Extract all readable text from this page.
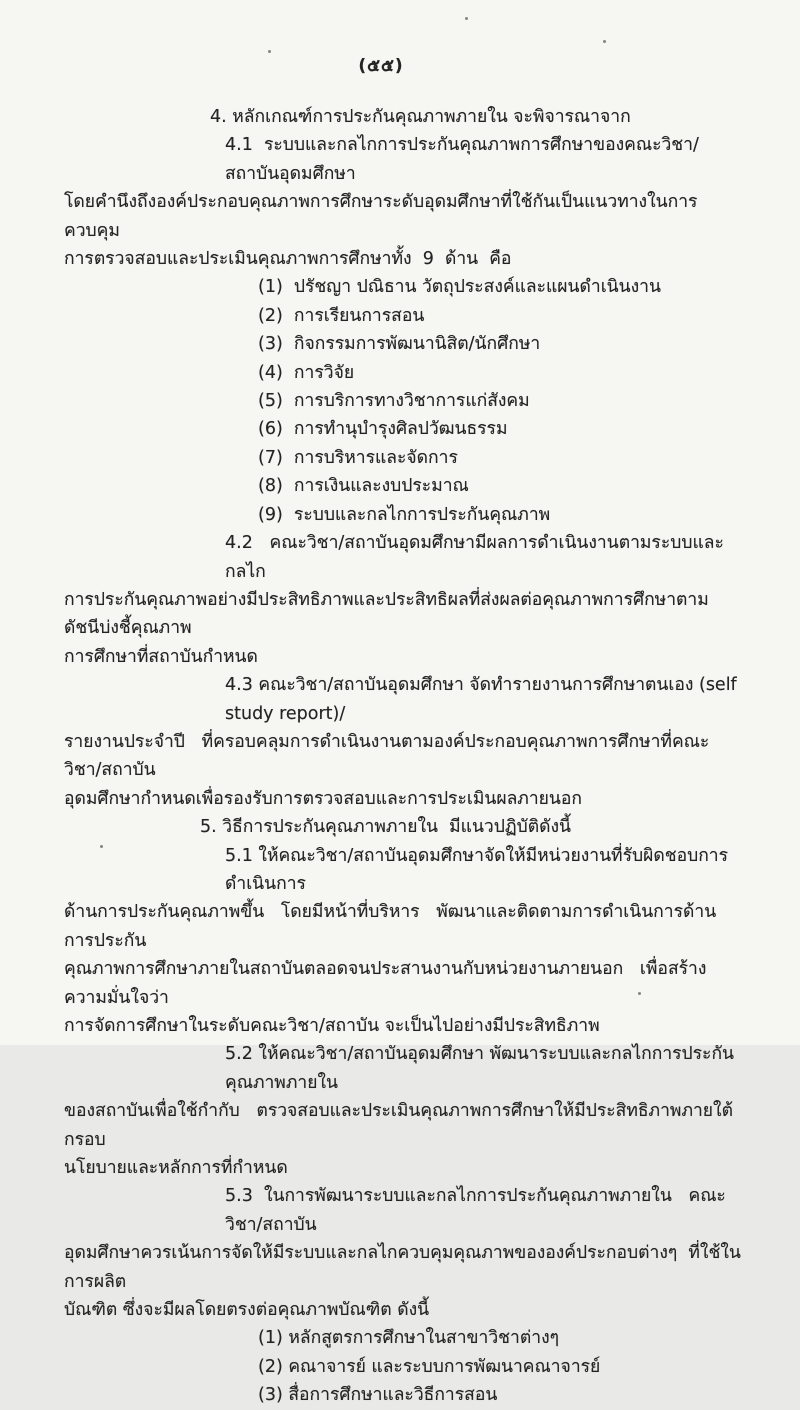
(๕๕)
4. หลักเกณฑ์การประกันคุณภาพภายใน จะพิจารณาจาก
4.1  ระบบและกลไกการประกันคุณภาพการศึกษาของคณะวิชา/สถาบันอุดมศึกษา
โดยคำนึงถึงองค์ประกอบคุณภาพการศึกษาระดับอุดมศึกษาที่ใช้กันเป็นแนวทางในการควบคุม
การตรวจสอบและประเมินคุณภาพการศึกษาทั้ง  9  ด้าน  คือ
(1)  ปรัชญา ปณิธาน วัตถุประสงค์และแผนดำเนินงาน
(2)  การเรียนการสอน
(3)  กิจกรรมการพัฒนานิสิต/นักศึกษา
(4)  การวิจัย
(5)  การบริการทางวิชาการแก่สังคม
(6)  การทำนุบำรุงศิลปวัฒนธรรม
(7)  การบริหารและจัดการ
(8)  การเงินและงบประมาณ
(9)  ระบบและกลไกการประกันคุณภาพ
4.2   คณะวิชา/สถาบันอุดมศึกษามีผลการดำเนินงานตามระบบและกลไก
การประกันคุณภาพอย่างมีประสิทธิภาพและประสิทธิผลที่ส่งผลต่อคุณภาพการศึกษาตามดัชนีบ่งชี้คุณภาพ
การศึกษาที่สถาบันกำหนด
4.3 คณะวิชา/สถาบันอุดมศึกษา จัดทำรายงานการศึกษาตนเอง (self study report)/
รายงานประจำปี   ที่ครอบคลุมการดำเนินงานตามองค์ประกอบคุณภาพการศึกษาที่คณะวิชา/สถาบัน
อุดมศึกษากำหนดเพื่อรองรับการตรวจสอบและการประเมินผลภายนอก
5. วิธีการประกันคุณภาพภายใน  มีแนวปฏิบัติดังนี้
5.1 ให้คณะวิชา/สถาบันอุดมศึกษาจัดให้มีหน่วยงานที่รับผิดชอบการดำเนินการ
ด้านการประกันคุณภาพขึ้น   โดยมีหน้าที่บริหาร   พัฒนาและติดตามการดำเนินการด้านการประกัน
คุณภาพการศึกษาภายในสถาบันตลอดจนประสานงานกับหน่วยงานภายนอก   เพื่อสร้างความมั่นใจว่า
การจัดการศึกษาในระดับคณะวิชา/สถาบัน จะเป็นไปอย่างมีประสิทธิภาพ
5.2 ให้คณะวิชา/สถาบันอุดมศึกษา พัฒนาระบบและกลไกการประกันคุณภาพภายใน
ของสถาบันเพื่อใช้กำกับ   ตรวจสอบและประเมินคุณภาพการศึกษาให้มีประสิทธิภาพภายใต้กรอบ
นโยบายและหลักการที่กำหนด
5.3  ในการพัฒนาระบบและกลไกการประกันคุณภาพภายใน   คณะวิชา/สถาบัน
อุดมศึกษาควรเน้นการจัดให้มีระบบและกลไกควบคุมคุณภาพขององค์ประกอบต่างๆ  ที่ใช้ในการผลิต
บัณฑิต ซึ่งจะมีผลโดยตรงต่อคุณภาพบัณฑิต ดังนี้
(1) หลักสูตรการศึกษาในสาขาวิชาต่างๆ
(2) คณาจารย์ และระบบการพัฒนาคณาจารย์
(3) สื่อการศึกษาและวิธีการสอน
